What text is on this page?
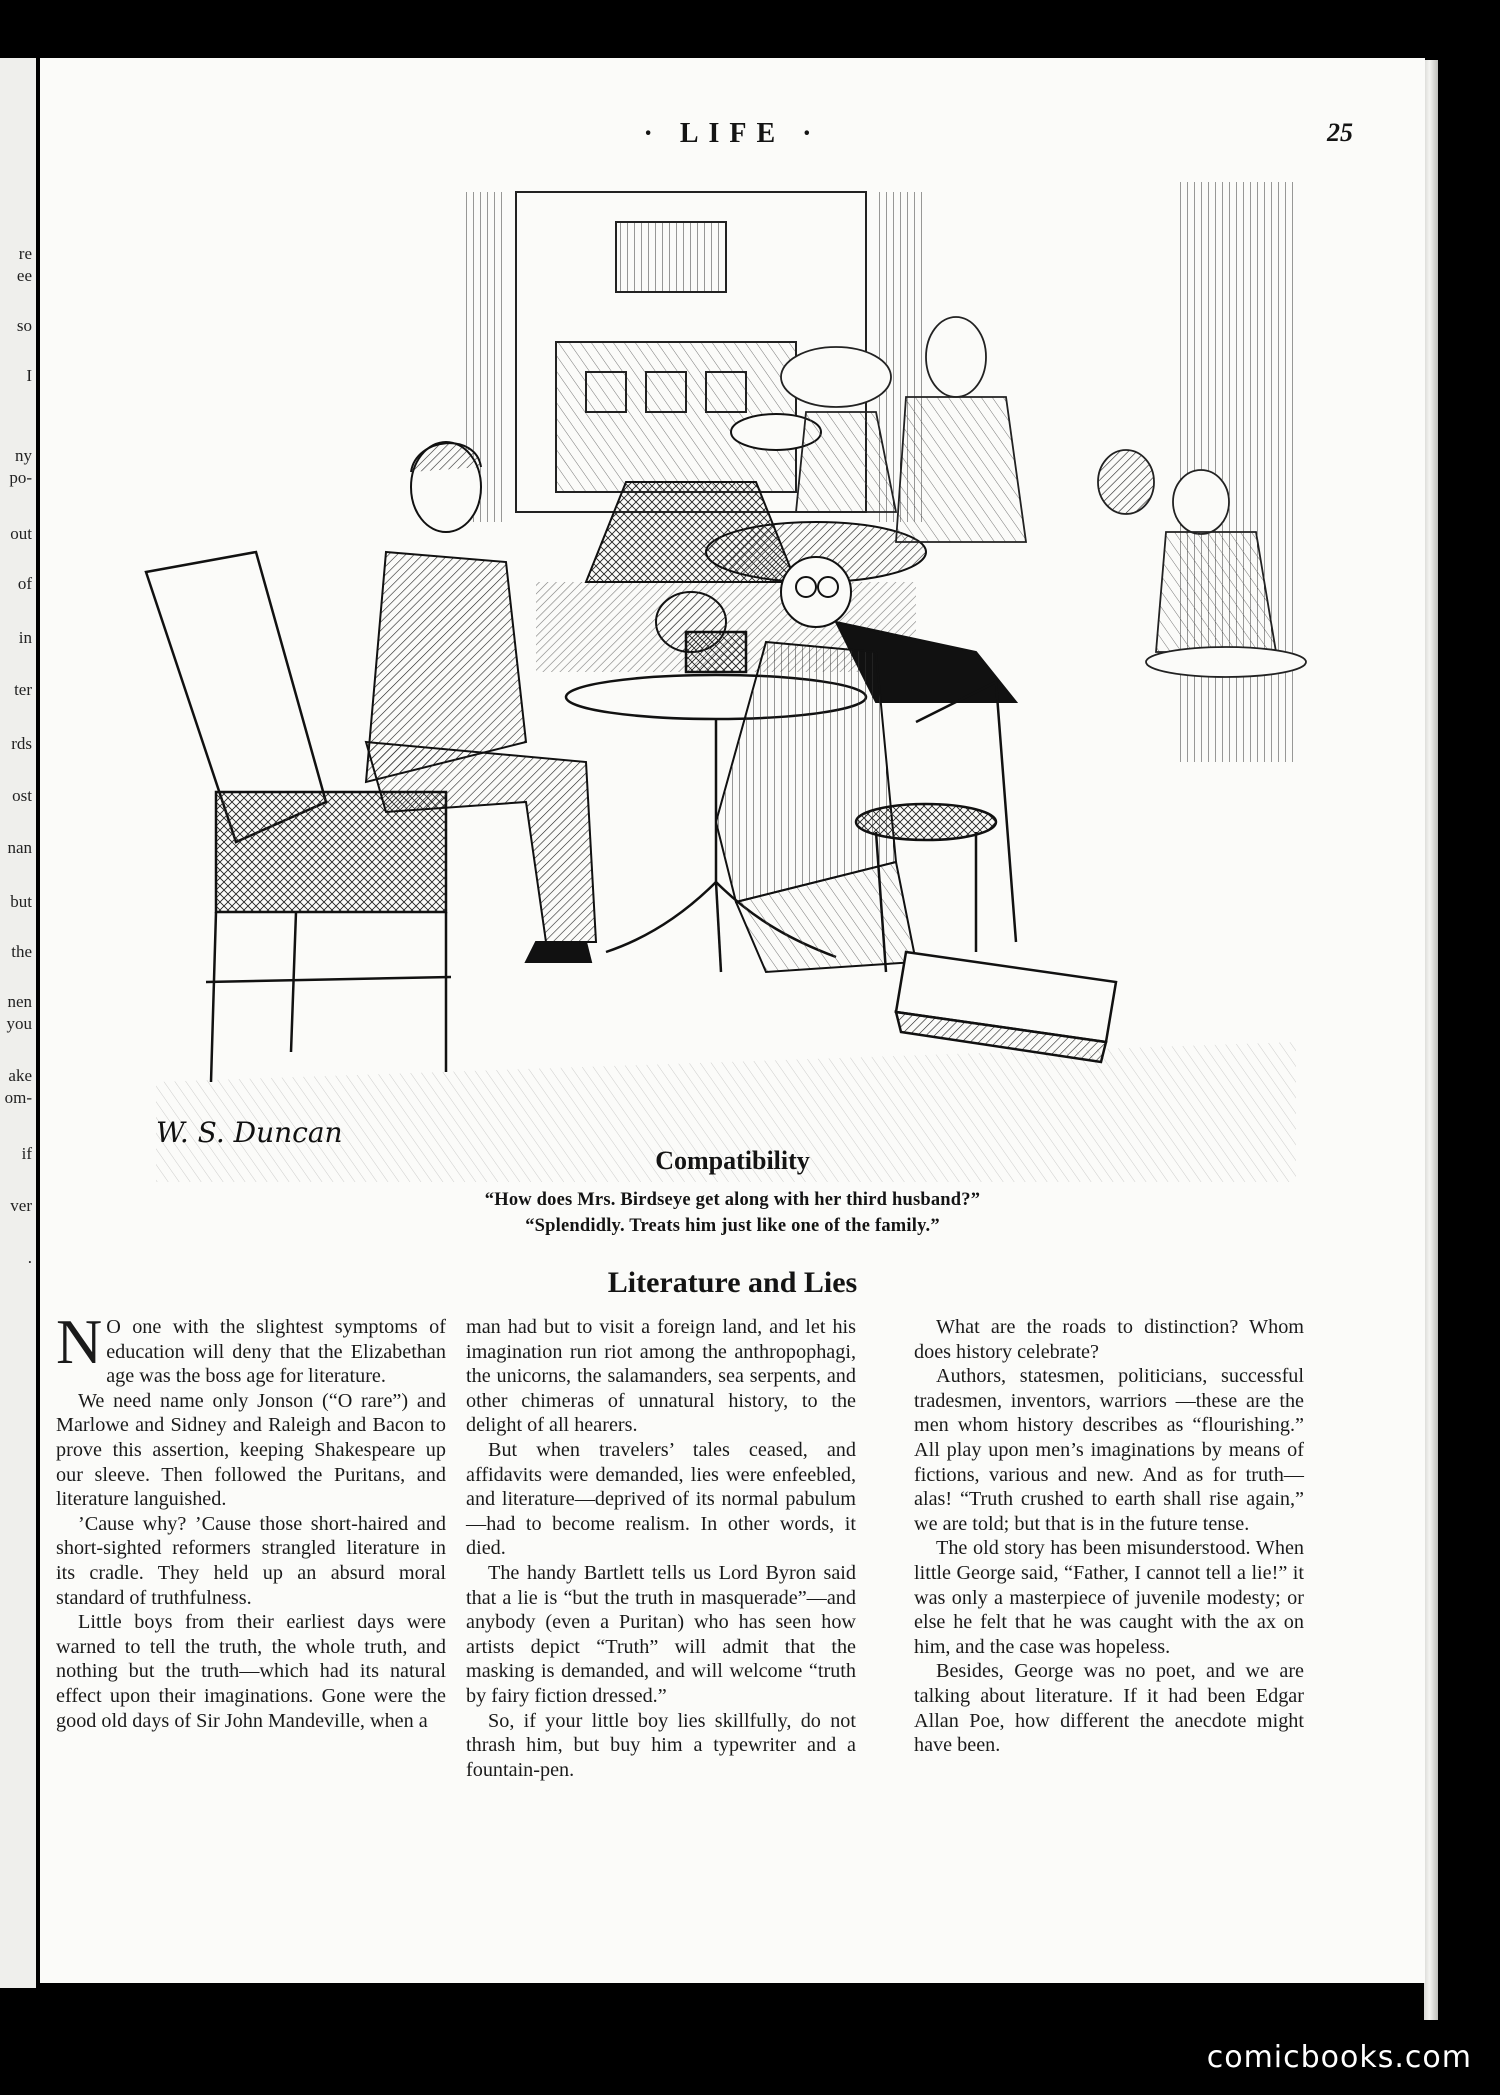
re
ee
so
I
ny
po-
out
of
in
ter
rds
ost
nan
but
the
nen
you
ake
om-
if
ver
.
· LIFE ·	25
W. S. Duncan
Compatibility
“How does Mrs. Birdseye get along with her third husband?”
“Splendidly. Treats him just like one of the family.”
Literature and Lies

N O one with the slightest symptoms of education will deny that the Elizabethan age was the boss age for literature.

We need name only Jonson (“O rare”) and Marlowe and Sidney and Raleigh and Bacon to prove this assertion, keeping Shakespeare up our sleeve. Then followed the Puritans, and literature languished.

’Cause why? ’Cause those short-haired and short-sighted reformers strangled literature in its cradle. They held up an absurd moral standard of truthfulness.

Little boys from their earliest days were warned to tell the truth, the whole truth, and nothing but the truth—which had its natural effect upon their imaginations. Gone were the good old days of Sir John Mandeville, when a

man had but to visit a foreign land, and let his imagination run riot among the anthropophagi, the unicorns, the salamanders, sea serpents, and other chimeras of unnatural history, to the delight of all hearers.

But when travelers’ tales ceased, and affidavits were demanded, lies were enfeebled, and literature—deprived of its normal pabulum—had to become realism. In other words, it died.

The handy Bartlett tells us Lord Byron said that a lie is “but the truth in masquerade”—and anybody (even a Puritan) who has seen how artists depict “Truth” will admit that the masking is demanded, and will welcome “truth by fairy fiction dressed.”

So, if your little boy lies skillfully, do not thrash him, but buy him a typewriter and a fountain-pen.

What are the roads to distinction? Whom does history celebrate?

Authors, statesmen, politicians, successful tradesmen, inventors, warriors —these are the men whom history describes as “flourishing.” All play upon men’s imaginations by means of fictions, various and new. And as for truth—alas! “Truth crushed to earth shall rise again,” we are told; but that is in the future tense.

The old story has been misunderstood. When little George said, “Father, I cannot tell a lie!” it was only a masterpiece of juvenile modesty; or else he felt that he was caught with the ax on him, and the case was hopeless.

Besides, George was no poet, and we are talking about literature. If it had been Edgar Allan Poe, how different the anecdote might have been.

comicbooks.com
